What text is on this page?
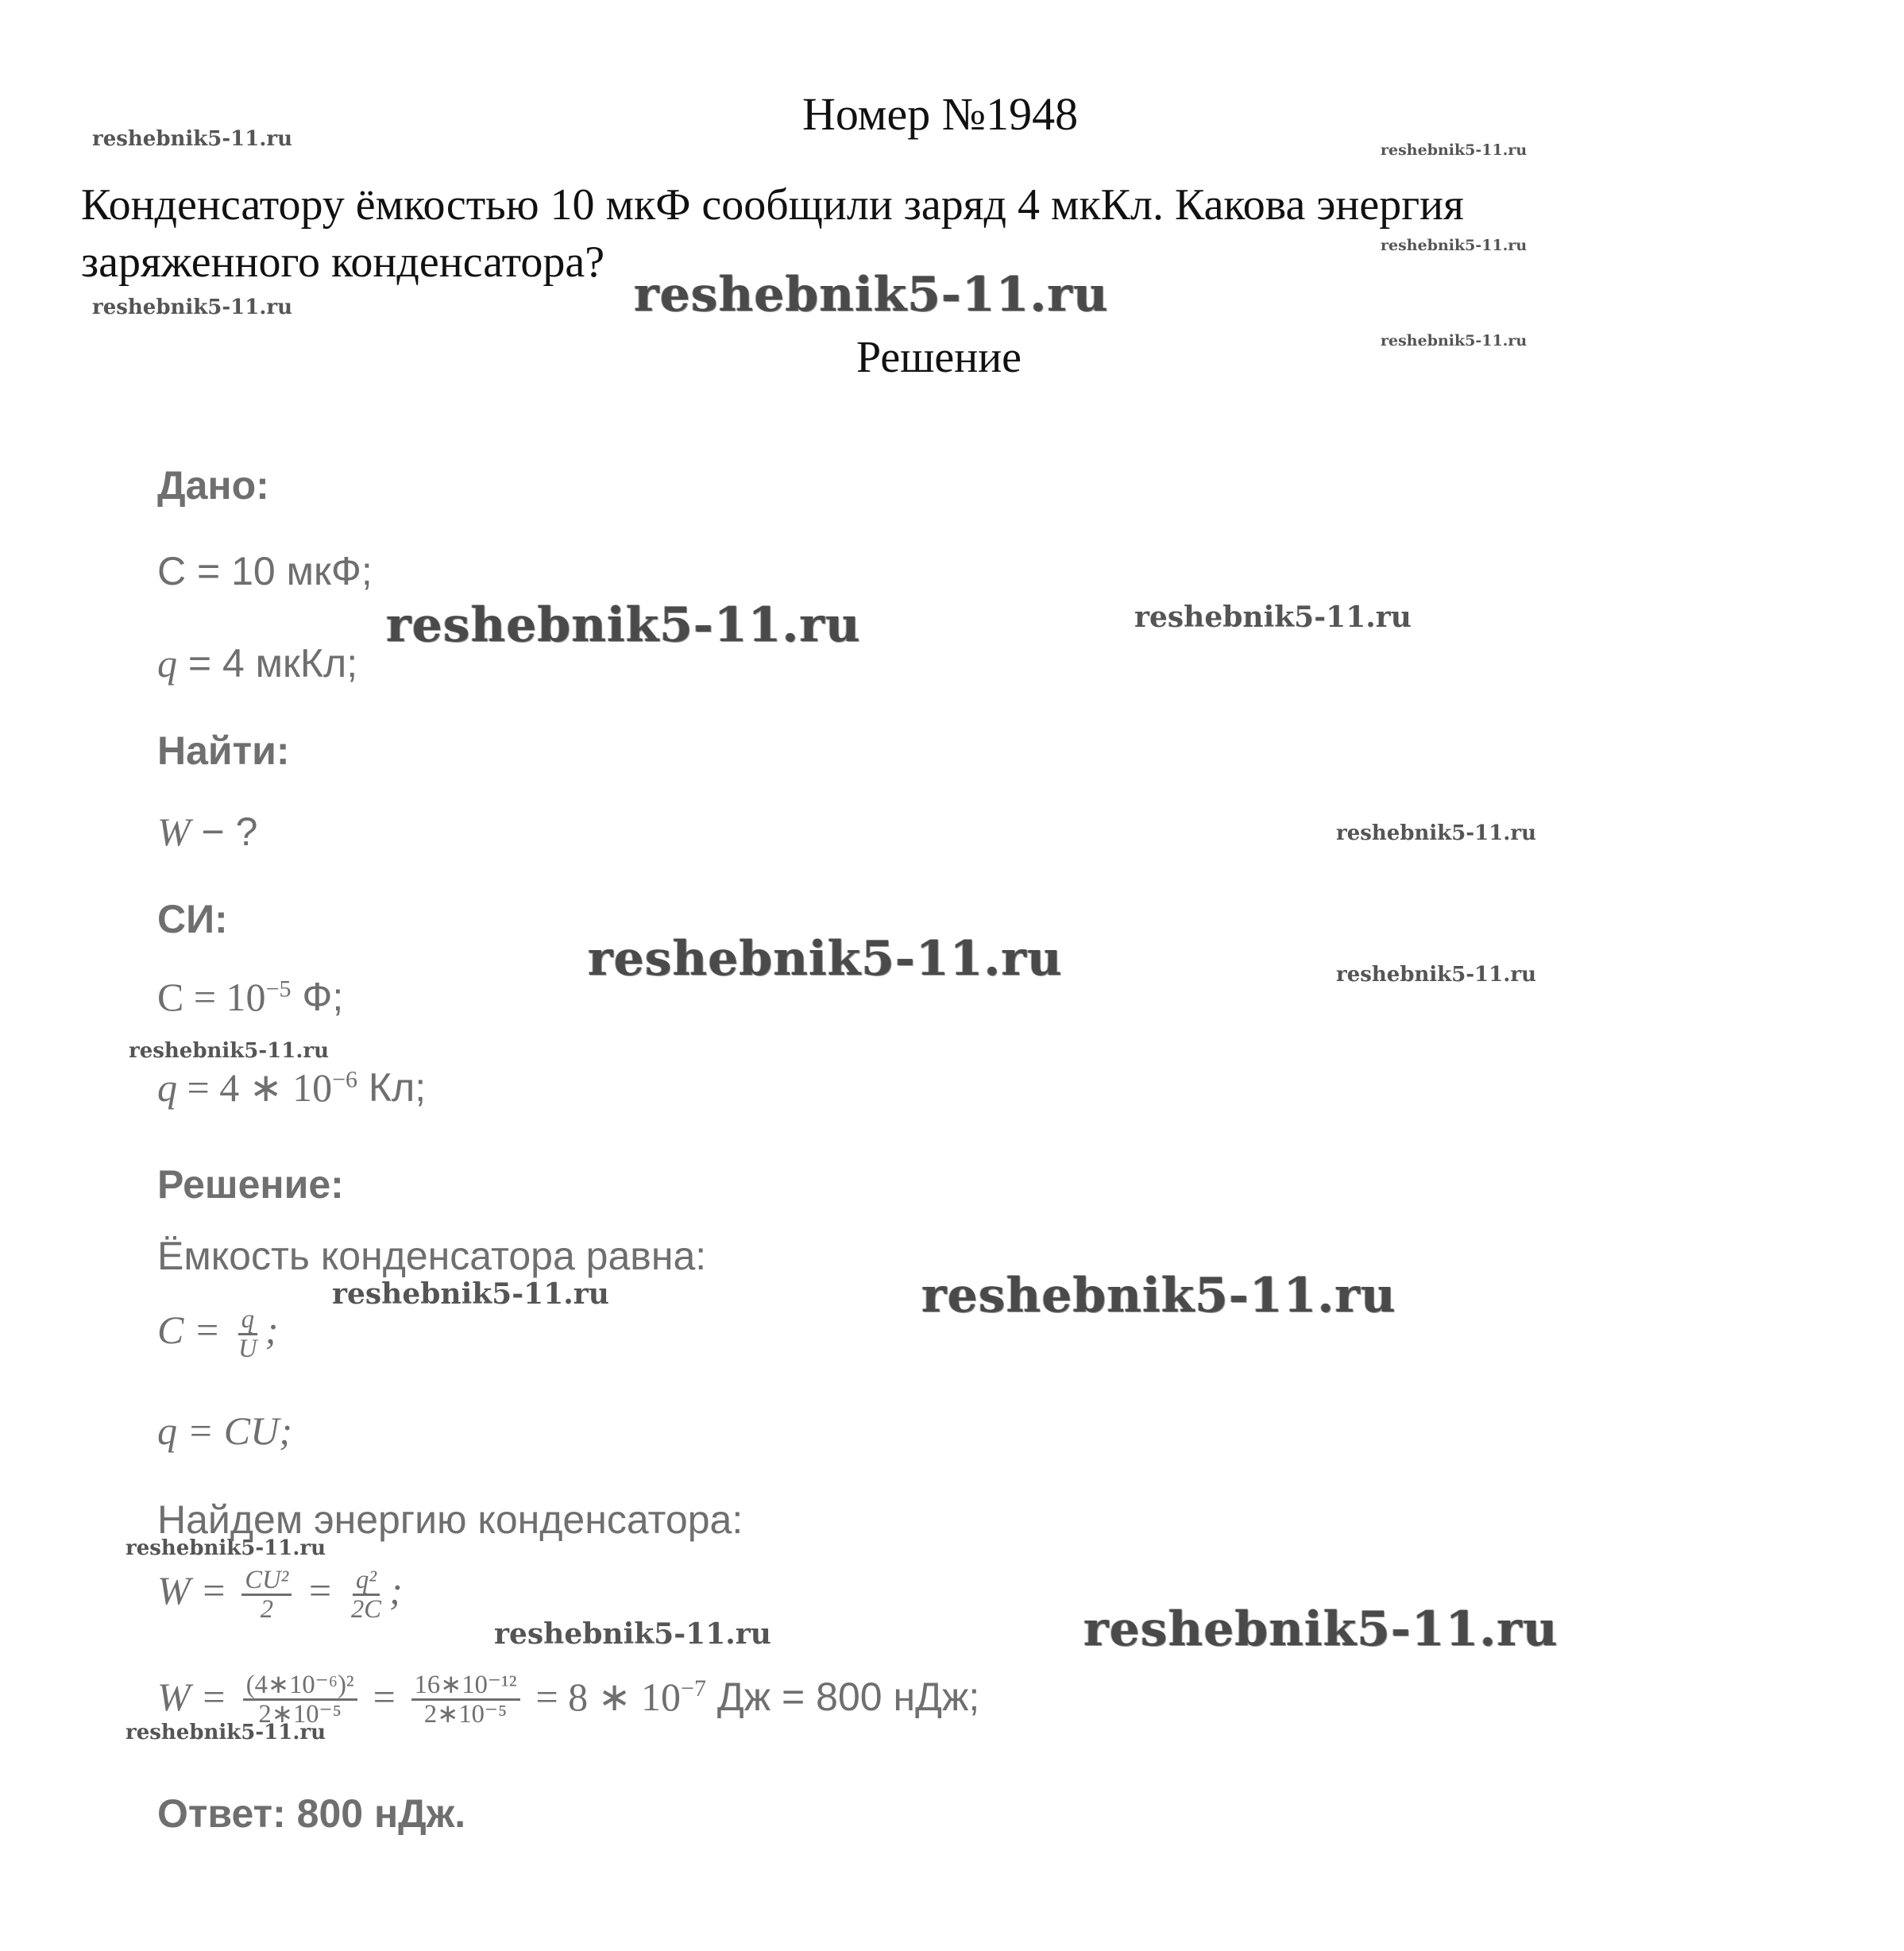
Номер №1948
Конденсатору ёмкостью 10 мкФ сообщили заряд 4 мкКл. Какова энергия
заряженного конденсатора?
Решение
reshebnik5-11.ru	reshebnik5-11.ru
reshebnik5-11.ru
reshebnik5-11.ru	reshebnik5-11.ru
reshebnik5-11.ru
reshebnik5-11.ru	reshebnik5-11.ru
reshebnik5-11.ru
reshebnik5-11.ru	reshebnik5-11.ru
reshebnik5-11.ru
reshebnik5-11.ru	reshebnik5-11.ru
reshebnik5-11.ru
reshebnik5-11.ru	reshebnik5-11.ru
reshebnik5-11.ru
Дано:
C = 10 мкФ;
q = 4 мкКл;
Найти:
W − ?
СИ:
$C = 10^{-5}$ Ф;
q = 4 ∗ $10^{-6}$ Кл;
Решение:
Ёмкость конденсатора равна:
$C = \frac{q}{U}$ ;
q = CU;
Найдем энергию конденсатора:
$W = \frac{\text{CU²}}{2} = \frac{\text{q²}}{2C}$ ;
$W = \frac{\text{(4∗10⁻⁶)²}}{\text{2∗10⁻⁵}} = \frac{\text{16∗10⁻¹²}}{\text{2∗10⁻⁵}} = 8$ ∗ $10^{-7}$ Дж = 800 нДж;
Ответ: 800 нДж.
